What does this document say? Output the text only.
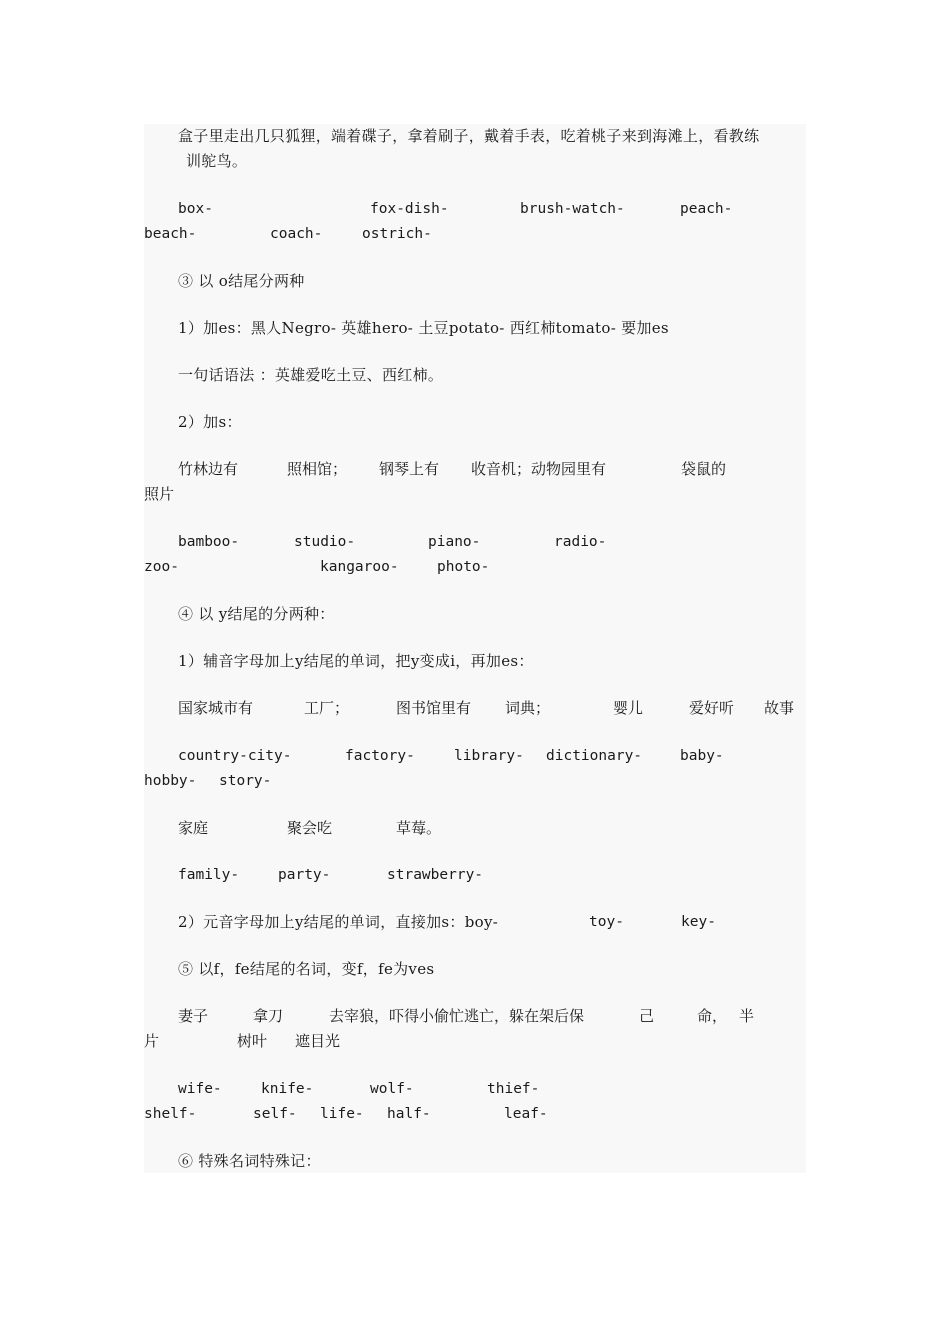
盒子里走出几只狐狸，端着碟子，拿着刷子，戴着手表，吃着桃子来到海滩上，看教练
训鸵鸟。
box-	fox-dish-	brush-watch-	peach-
beach-	coach-	ostrich-
③ 以 o结尾分两种
1）加es：黑人Negro- 英雄hero- 土豆potato- 西红柿tomato- 要加es
一句话语法 ：英雄爱吃土豆、西红柿。
2）加s：
竹林边有	照相馆； 钢琴上有 收音机；动物园里有	袋鼠的
照片
bamboo-	studio-	piano-	radio-
zoo-	kangaroo-	photo-
④ 以 y结尾的分两种：
1）辅音字母加上y结尾的单词，把y变成i，再加es：
国家城市有	工厂；	图书馆里有 词典；	婴儿	爱好听 故事
country-city-	factory-	library- dictionary-	baby-
hobby- story-
家庭	聚会吃	草莓。
family-	party-	strawberry-
2）元音字母加上y结尾的单词，直接加s：boy-	toy-	key-
⑤ 以f，fe结尾的名词，变f，fe为ves
妻子	拿刀	去宰狼，吓得小偷忙逃亡，躲在架后保	己	命， 半
片	树叶 遮目光
wife-	knife-	wolf-	thief-
shelf-	self- life- half-	leaf-
⑥ 特殊名词特殊记：
